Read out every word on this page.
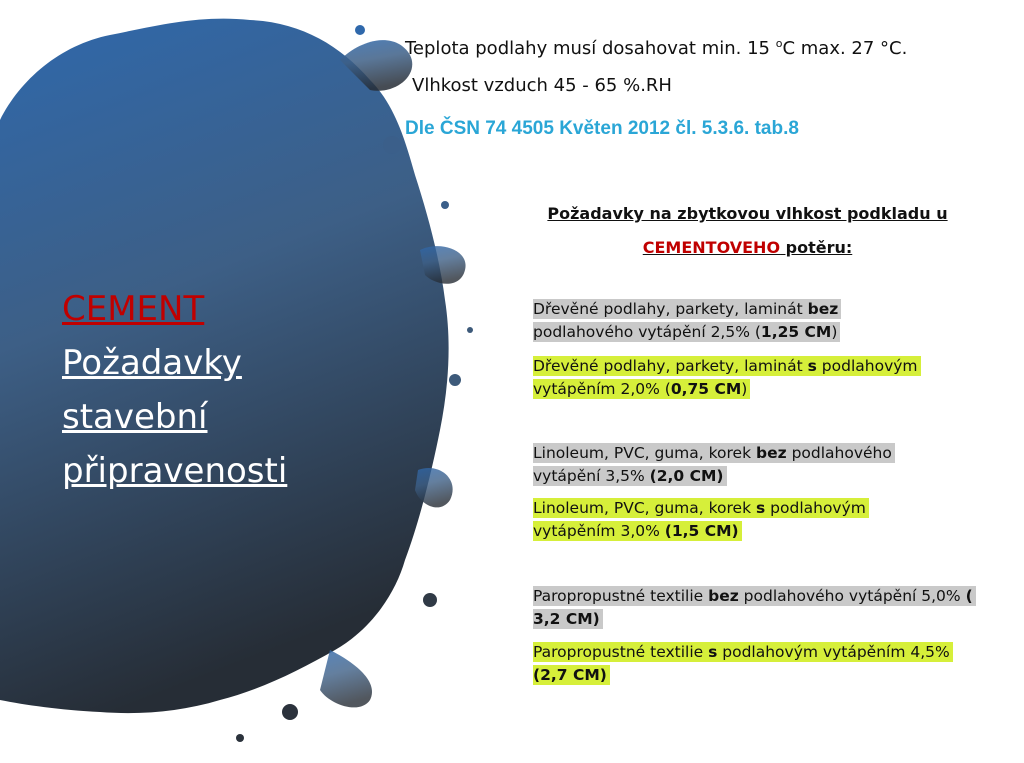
CEMENT
Požadavky
stavební
připravenosti
Teplota podlahy musí dosahovat min. 15 $^o$C max. 27 °C.
Vlhkost vzduch 45 - 65 %.RH
Dle ČSN 74 4505 Květen 2012 čl. 5.3.6. tab.8
Požadavky na zbytkovou vlhkost podkladu u
CEMENTOVEHO potěru:
Dřevěné podlahy, parkety, laminát bez podlahového vytápění 2,5% (1,25 CM)
Dřevěné podlahy, parkety, laminát s podlahovým vytápěním 2,0% (0,75 CM)
Linoleum, PVC, guma, korek bez podlahového vytápění 3,5% (2,0 CM)
Linoleum, PVC, guma, korek s podlahovým vytápěním 3,0% (1,5 CM)
Paropropustné textilie bez podlahového vytápění 5,0% ( 3,2 CM)
Paropropustné textilie s podlahovým vytápěním 4,5% (2,7 CM)
